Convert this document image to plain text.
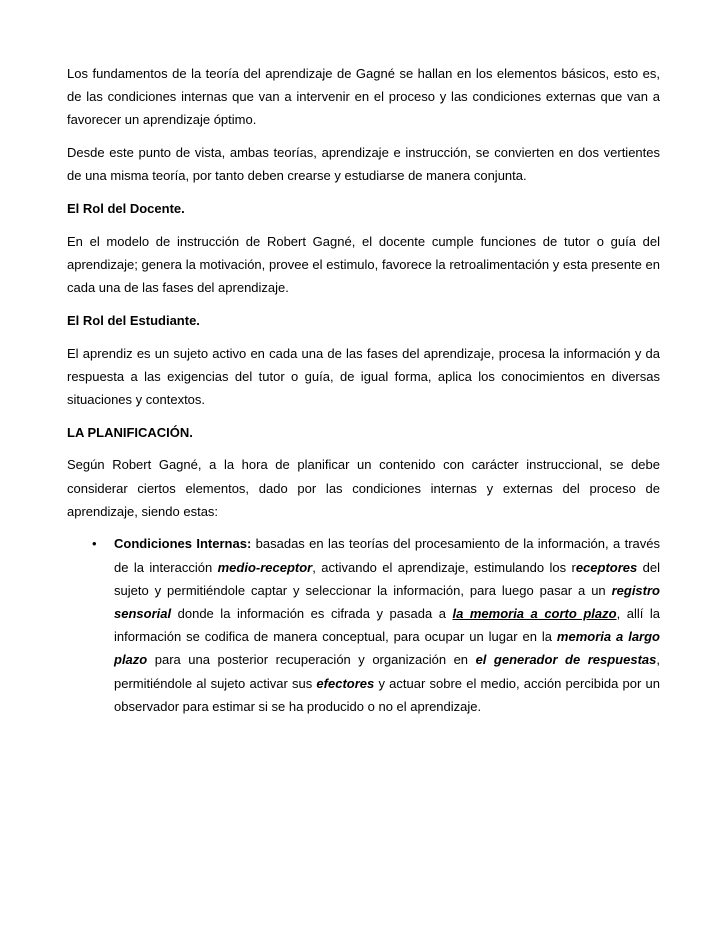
Los fundamentos de la teoría del aprendizaje de Gagné se hallan en los elementos básicos, esto es, de las condiciones internas que van a intervenir en el proceso y las condiciones externas que van a favorecer un aprendizaje óptimo.

Desde este punto de vista, ambas teorías, aprendizaje e instrucción, se convierten en dos vertientes de una misma teoría, por tanto deben crearse y estudiarse de manera conjunta.

El Rol del Docente.

En el modelo de instrucción de Robert Gagné, el docente cumple funciones de tutor o guía del aprendizaje; genera la motivación, provee el estimulo, favorece la retroalimentación y esta presente en cada una de las fases del aprendizaje.

El Rol del Estudiante.

El aprendiz es un sujeto activo en cada una de las fases del aprendizaje, procesa la información y da respuesta a las exigencias del tutor o guía, de igual forma, aplica los conocimientos en diversas situaciones y contextos.

LA PLANIFICACIÓN.

Según Robert Gagné, a la hora de planificar un contenido con carácter instruccional, se debe considerar ciertos elementos, dado por las condiciones internas y externas del proceso de aprendizaje, siendo estas:

• Condiciones Internas: basadas en las teorías del procesamiento de la información, a través de la interacción medio-receptor, activando el aprendizaje, estimulando los receptores del sujeto y permitiéndole captar y seleccionar la información, para luego pasar a un registro sensorial donde la información es cifrada y pasada a la memoria a corto plazo, allí la información se codifica de manera conceptual, para ocupar un lugar en la memoria a largo plazo para una posterior recuperación y organización en el generador de respuestas, permitiéndole al sujeto activar sus efectores y actuar sobre el medio, acción percibida por un observador para estimar si se ha producido o no el aprendizaje.
